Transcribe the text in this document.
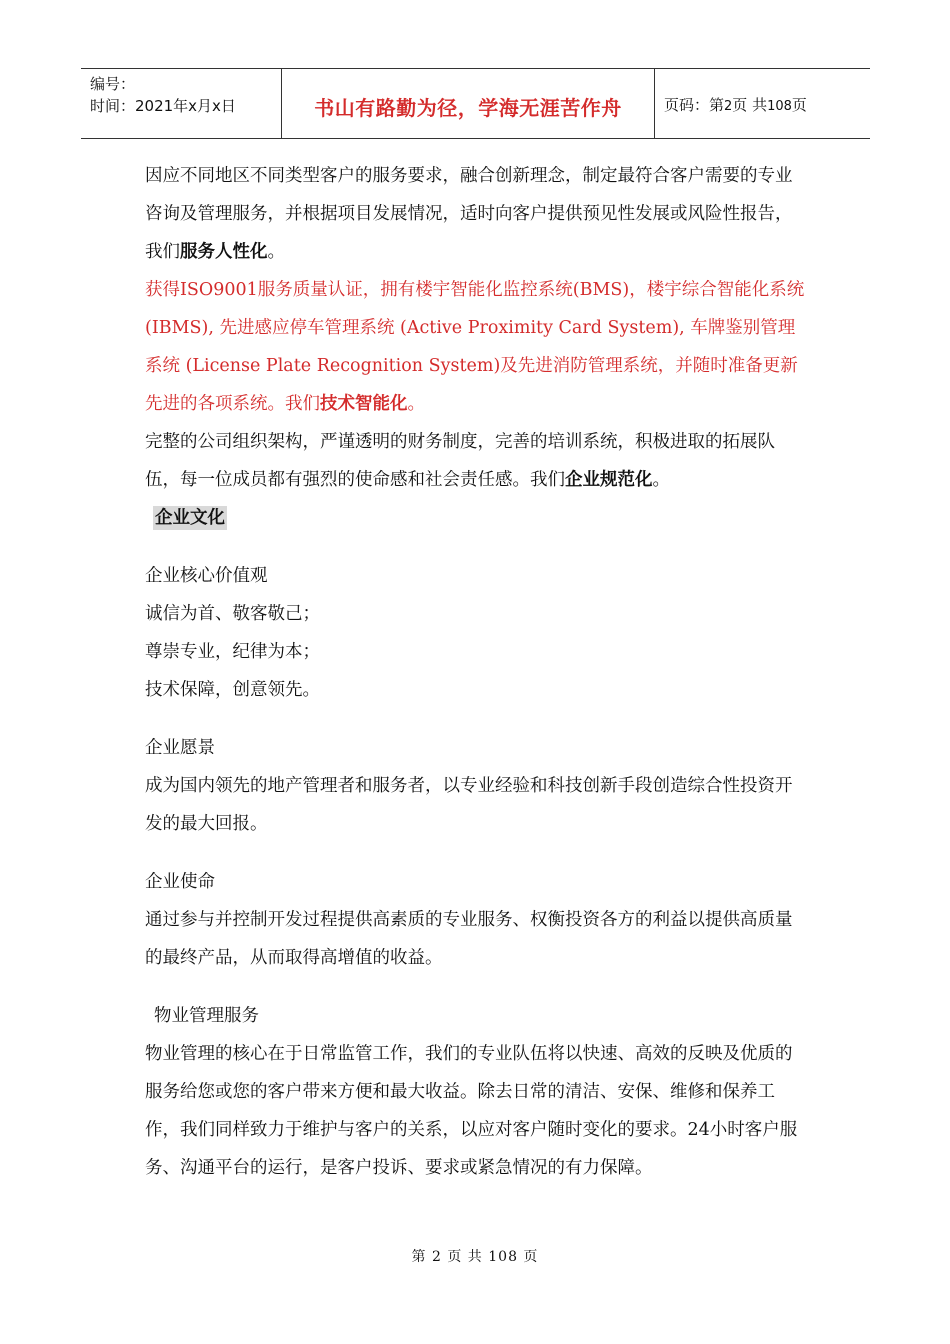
编号：
时间：2021年x月x日	书山有路勤为径，学海无涯苦作舟	页码：第2页 共108页

因应不同地区不同类型客户的服务要求，融合创新理念，制定最符合客户需要的专业咨询及管理服务，并根据项目发展情况，适时向客户提供预见性发展或风险性报告，我们服务人性化。

获得ISO9001服务质量认证，拥有楼宇智能化监控系统(BMS)，楼宇综合智能化系统 (IBMS), 先进感应停车管理系统 (Active Proximity Card System), 车牌鉴别管理系统 (License Plate Recognition System)及先进消防管理系统，并随时准备更新先进的各项系统。我们技术智能化。

完整的公司组织架构，严谨透明的财务制度，完善的培训系统，积极进取的拓展队伍，每一位成员都有强烈的使命感和社会责任感。我们企业规范化。

企业文化

企业核心价值观

诚信为首、敬客敬己；

尊崇专业，纪律为本；

技术保障，创意领先。

企业愿景

成为国内领先的地产管理者和服务者，以专业经验和科技创新手段创造综合性投资开发的最大回报。

企业使命

通过参与并控制开发过程提供高素质的专业服务、权衡投资各方的利益以提供高质量的最终产品，从而取得高增值的收益。

物业管理服务

物业管理的核心在于日常监管工作，我们的专业队伍将以快速、高效的反映及优质的服务给您或您的客户带来方便和最大收益。除去日常的清洁、安保、维修和保养工作，我们同样致力于维护与客户的关系，以应对客户随时变化的要求。24小时客户服务、沟通平台的运行，是客户投诉、要求或紧急情况的有力保障。

第 2 页 共 108 页
